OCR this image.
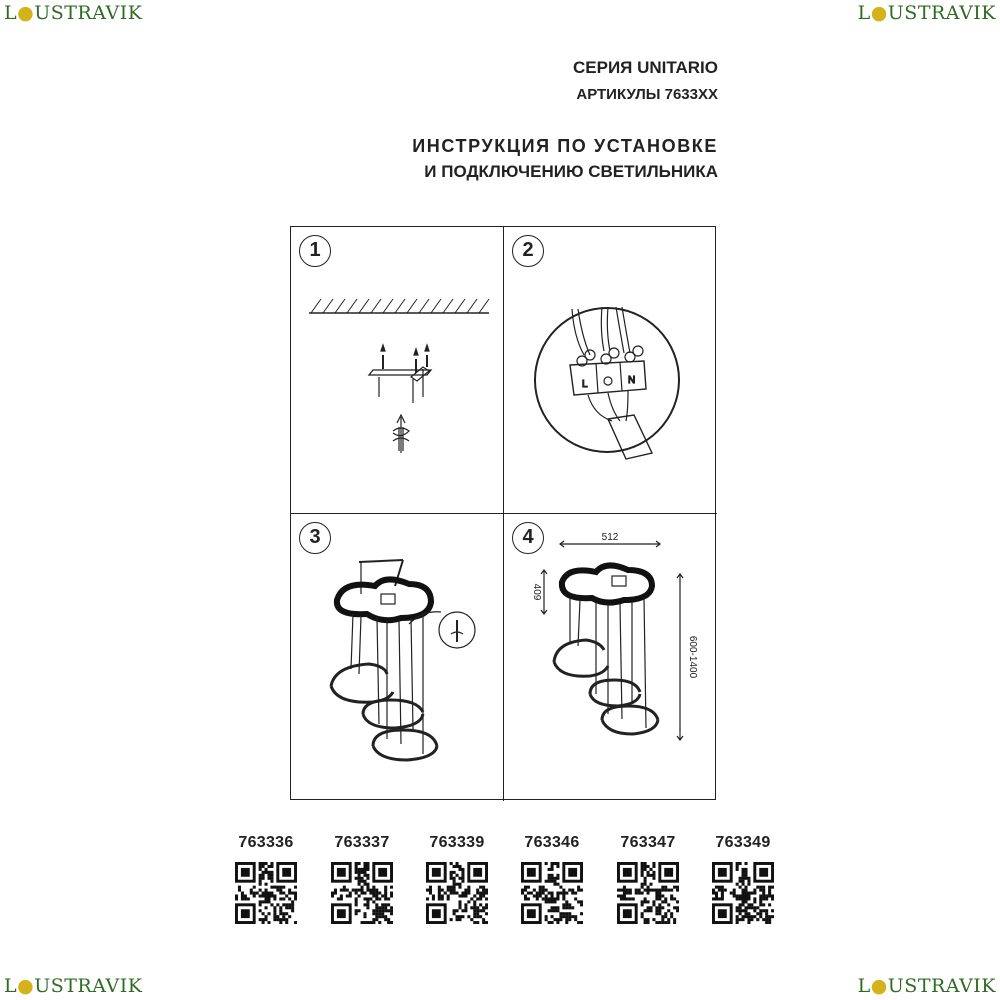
L●USTRAVIK	L●USTRAVIK
L●USTRAVIK	L●USTRAVIK
СЕРИЯ UNITARIO
АРТИКУЛЫ 7633XX
ИНСТРУКЦИЯ ПО УСТАНОВКЕ
И ПОДКЛЮЧЕНИЮ СВЕТИЛЬНИКА
1	2
L	N
3	4	512
409
600-1400
763336	763337	763339	763346	763347	763349
